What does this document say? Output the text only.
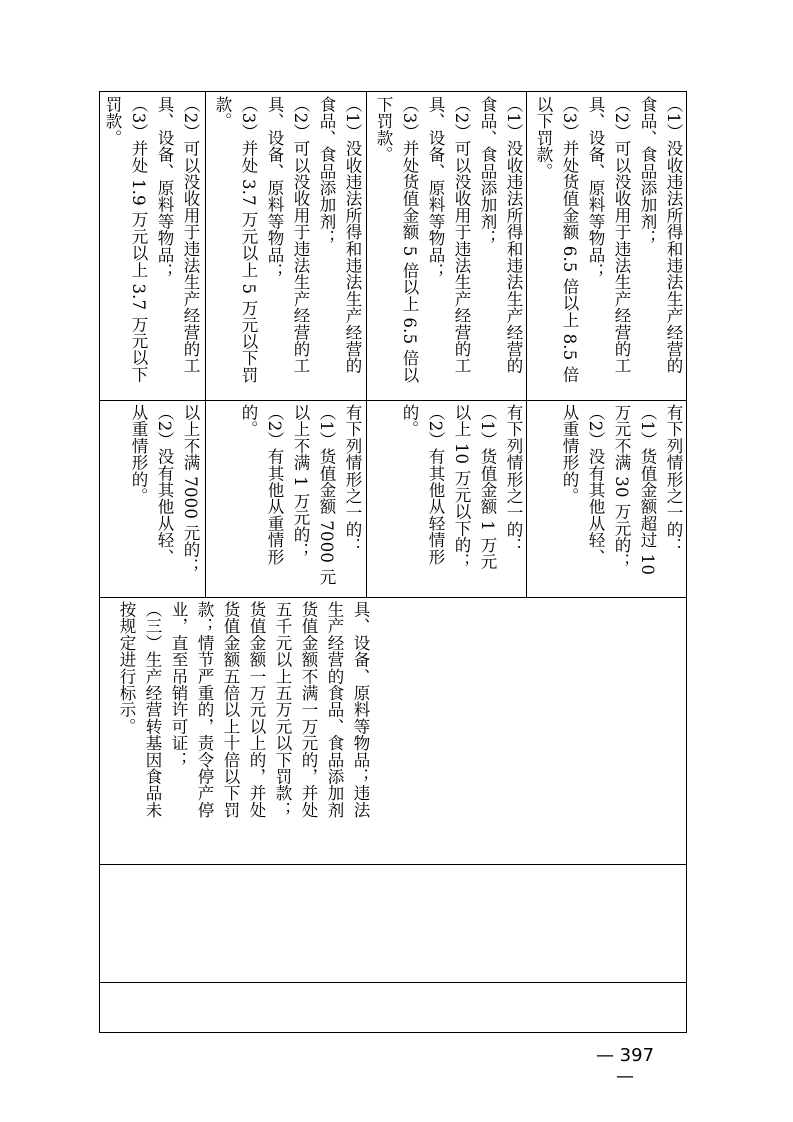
（2）可以没收用于违法生产经营的工

具、设备、原料等物品；

（3）并处 1.9 万元以上 3.7 万元以下

罚款。

以上不满 7000 元的；

（2）没有其他从轻、

从重情形的。

（1）没收违法所得和违法生产经营的

食品、食品添加剂；

（2）可以没收用于违法生产经营的工

具、设备、原料等物品；

（3）并处 3.7 万元以上 5 万元以下罚

款。

有下列情形之一的：

（1）货值金额 7000 元

以上不满 1 万元的；

（2）有其他从重情形

的。

（1）没收违法所得和违法生产经营的

食品、食品添加剂；

（2）可以没收用于违法生产经营的工

具、设备、原料等物品；

（3）并处货值金额 5 倍以上 6.5 倍以

下罚款。

有下列情形之一的：

（1）货值金额 1 万元

以上 10 万元以下的；

（2）有其他从轻情形

的。

（1）没收违法所得和违法生产经营的

食品、食品添加剂；

（2）可以没收用于违法生产经营的工

具、设备、原料等物品；

（3）并处货值金额 6.5 倍以上 8.5 倍

以下罚款。

有下列情形之一的：

（1）货值金额超过 10

万元不满 30 万元的；

（2）没有其他从轻、

从重情形的。

具、设备、原料等物品；违法

生产经营的食品、食品添加剂

货值金额不满一万元的，并处

五千元以上五万元以下罚款；

货值金额一万元以上的，并处

货值金额五倍以上十倍以下罚

款；情节严重的，责令停产停

业，直至吊销许可证；

（三）生产经营转基因食品未

按规定进行标示。

— 397 —
